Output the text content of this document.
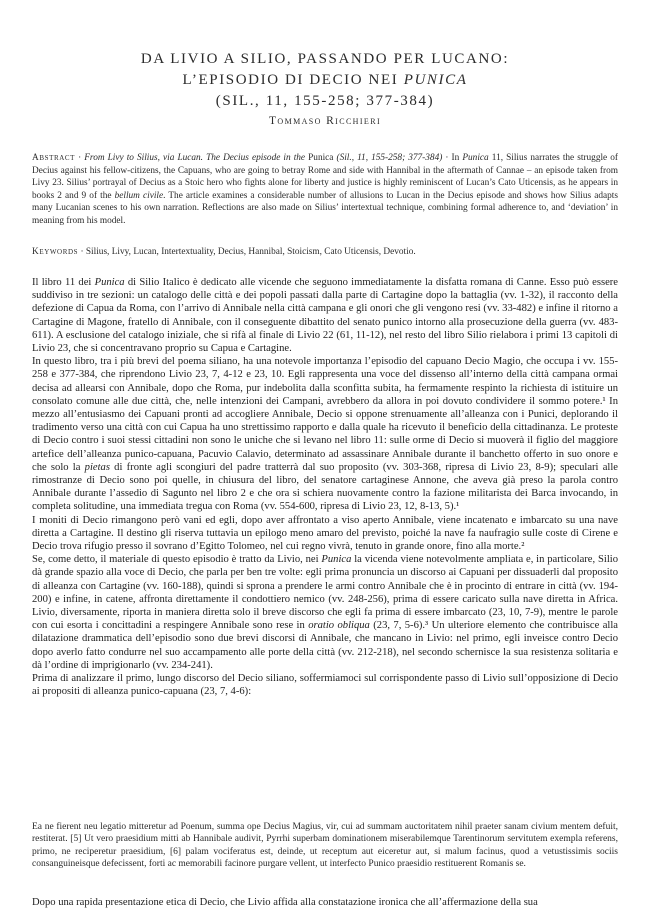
DA LIVIO A SILIO, PASSANDO PER LUCANO:
L’EPISODIO DI DECIO NEI PUNICA
(SIL., 11, 155-258; 377-384)
Tommaso Ricchieri
Abstract · From Livy to Silius, via Lucan. The Decius episode in the Punica (Sil., 11, 155-258; 377-384) · In Punica 11, Silius narrates the struggle of Decius against his fellow-citizens, the Capuans, who are going to betray Rome and side with Hannibal in the aftermath of Cannae – an episode taken from Livy 23. Silius’ portrayal of Decius as a Stoic hero who fights alone for liberty and justice is highly reminiscent of Lucan’s Cato Uticensis, as he appears in books 2 and 9 of the bellum civile. The article examines a considerable number of allusions to Lucan in the Decius episode and shows how Silius adapts many Lucanian scenes to his own narration. Reflections are also made on Silius’ intertextual technique, combining formal adherence to, and ‘deviation’ in meaning from his model.
Keywords · Silius, Livy, Lucan, Intertextuality, Decius, Hannibal, Stoicism, Cato Uticensis, Devotio.

Il libro 11 dei Punica di Silio Italico è dedicato alle vicende che seguono immediatamente la disfatta romana di Canne. Esso può essere suddiviso in tre sezioni: un catalogo delle città e dei popoli passati dalla parte di Cartagine dopo la battaglia (vv. 1-32), il racconto della defezione di Capua da Roma, con l’arrivo di Annibale nella città campana e gli onori che gli vengono resi (vv. 33-482) e infine il ritorno a Cartagine di Magone, fratello di Annibale, con il conseguente dibattito del senato punico intorno alla prosecuzione della guerra (vv. 483-611). A esclusione del catalogo iniziale, che si rifà al finale di Livio 22 (61, 11-12), nel resto del libro Silio rielabora i primi 13 capitoli di Livio 23, che si concentravano proprio su Capua e Cartagine.

In questo libro, tra i più brevi del poema siliano, ha una notevole importanza l’episodio del capuano Decio Magio, che occupa i vv. 155-258 e 377-384, che riprendono Livio 23, 7, 4-12 e 23, 10. Egli rappresenta una voce del dissenso all’interno della città campana ormai decisa ad allearsi con Annibale, dopo che Roma, pur indebolita dalla sconfitta subita, ha fermamente respinto la richiesta di istituire un consolato comune alle due città, che, nelle intenzioni dei Campani, avrebbero da allora in poi dovuto condividere il sommo potere.¹ In mezzo all’entusiasmo dei Capuani pronti ad accogliere Annibale, Decio si oppone strenuamente all’alleanza con i Punici, deplorando il tradimento verso una città con cui Capua ha uno strettissimo rapporto e dalla quale ha ricevuto il beneficio della cittadinanza. Le proteste di Decio contro i suoi stessi cittadini non sono le uniche che si levano nel libro 11: sulle orme di Decio si muoverà il figlio del maggiore artefice dell’alleanza punico-capuana, Pacuvio Calavio, determinato ad assassinare Annibale durante il banchetto offerto in suo onore e che solo la pietas di fronte agli scongiuri del padre tratterrà dal suo proposito (vv. 303-368, ripresa di Livio 23, 8-9); speculari alle rimostranze di Decio sono poi quelle, in chiusura del libro, del senatore cartaginese Annone, che aveva già preso la parola contro Annibale durante l’assedio di Sagunto nel libro 2 e che ora si schiera nuovamente contro la fazione militarista dei Barca invocando, in completa solitudine, una immediata tregua con Roma (vv. 554-600, ripresa di Livio 23, 12, 8-13, 5).¹

I moniti di Decio rimangono però vani ed egli, dopo aver affrontato a viso aperto Annibale, viene incatenato e imbarcato su una nave diretta a Cartagine. Il destino gli riserva tuttavia un epilogo meno amaro del previsto, poiché la nave fa naufragio sulle coste di Cirene e Decio trova rifugio presso il sovrano d’Egitto Tolomeo, nel cui regno vivrà, tenuto in grande onore, fino alla morte.²

Se, come detto, il materiale di questo episodio è tratto da Livio, nei Punica la vicenda viene notevolmente ampliata e, in particolare, Silio dà grande spazio alla voce di Decio, che parla per ben tre volte: egli prima pronuncia un discorso ai Capuani per dissuaderli dal proposito di alleanza con Cartagine (vv. 160-188), quindi si sprona a prendere le armi contro Annibale che è in procinto di entrare in città (vv. 194-200) e infine, in catene, affronta direttamente il condottiero nemico (vv. 248-256), prima di essere caricato sulla nave diretta in Africa. Livio, diversamente, riporta in maniera diretta solo il breve discorso che egli fa prima di essere imbarcato (23, 10, 7-9), mentre le parole con cui esorta i concittadini a respingere Annibale sono rese in oratio obliqua (23, 7, 5-6).³ Un ulteriore elemento che contribuisce alla dilatazione drammatica dell’episodio sono due brevi discorsi di Annibale, che mancano in Livio: nel primo, egli inveisce contro Decio dopo averlo fatto condurre nel suo accampamento alle porte della città (vv. 212-218), nel secondo schernisce la sua resistenza solitaria e dà l’ordine di imprigionarlo (vv. 234-241).

Prima di analizzare il primo, lungo discorso del Decio siliano, soffermiamoci sul corrispondente passo di Livio sull’opposizione di Decio ai propositi di alleanza punico-capuana (23, 7, 4-6):

Ea ne fierent neu legatio mitteretur ad Poenum, summa ope Decius Magius, vir, cui ad summam auctoritatem nihil praeter sanam civium mentem defuit, restiterat. [5] Ut vero praesidium mitti ab Hannibale audivit, Pyrrhi superbam dominationem miserabilemque Tarentinorum servitutem exempla referens, primo, ne reciperetur praesidium, [6] palam vociferatus est, deinde, ut receptum aut eiceretur aut, si malum facinus, quod a vetustissimis sociis consanguineisque defecissent, forti ac memorabili facinore purgare vellent, ut interfecto Punico praesidio restituerent Romanis se.
Dopo una rapida presentazione etica di Decio, che Livio affida alla constatazione ironica che all’affermazione della sua
